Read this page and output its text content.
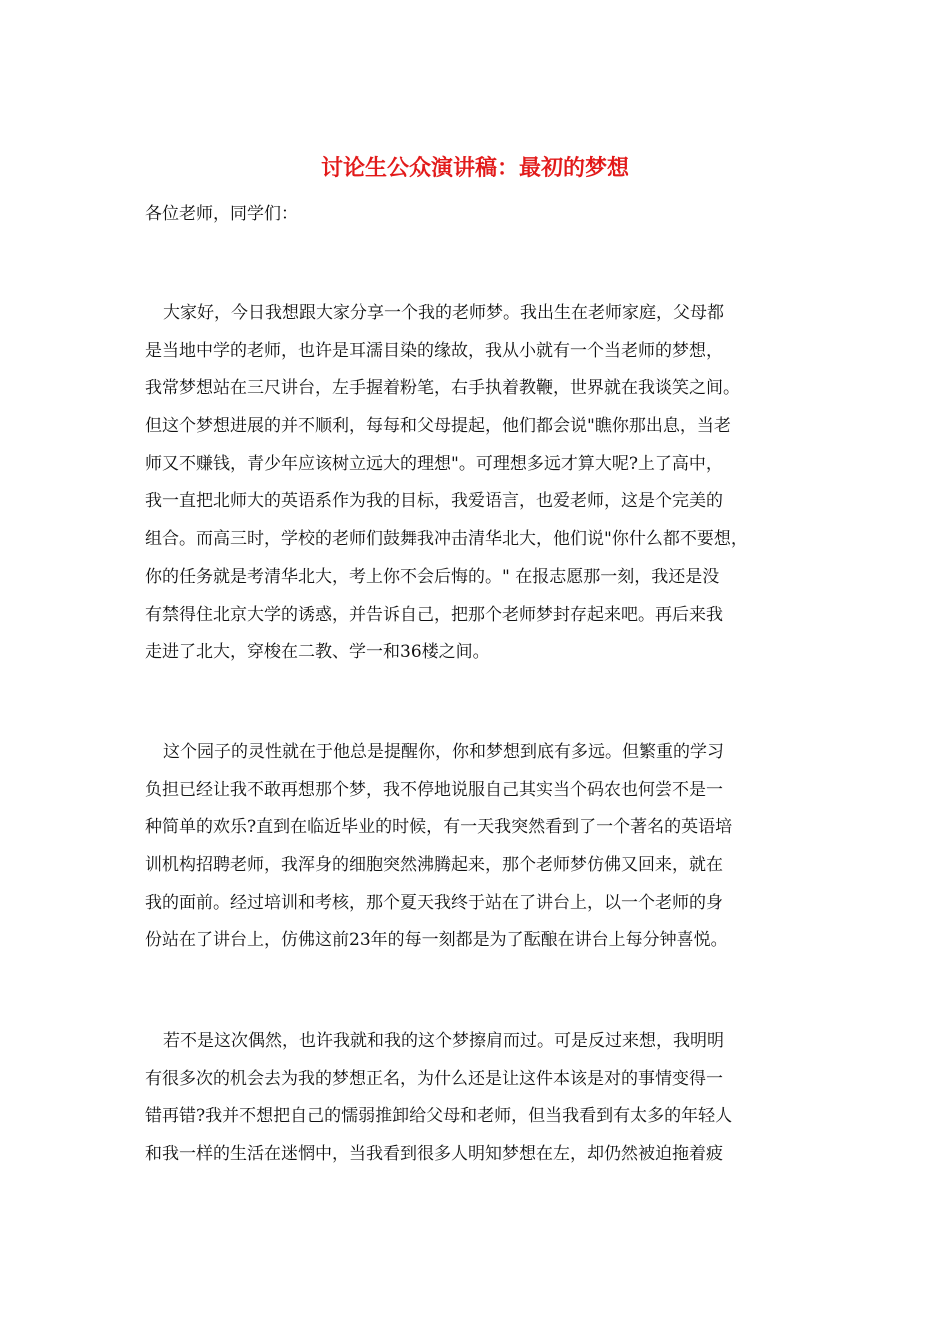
讨论生公众演讲稿：最初的梦想
各位老师，同学们：
大家好，今日我想跟大家分享一个我的老师梦。我出生在老师家庭，父母都
是当地中学的老师，也许是耳濡目染的缘故，我从小就有一个当老师的梦想，
我常梦想站在三尺讲台，左手握着粉笔，右手执着教鞭，世界就在我谈笑之间。
但这个梦想进展的并不顺利，每每和父母提起，他们都会说"瞧你那出息，当老
师又不赚钱，青少年应该树立远大的理想"。可理想多远才算大呢?上了高中，
我一直把北师大的英语系作为我的目标，我爱语言，也爱老师，这是个完美的
组合。而高三时，学校的老师们鼓舞我冲击清华北大，他们说"你什么都不要想，
你的任务就是考清华北大，考上你不会后悔的。" 在报志愿那一刻，我还是没
有禁得住北京大学的诱惑，并告诉自己，把那个老师梦封存起来吧。再后来我
走进了北大，穿梭在二教、学一和36楼之间。
这个园子的灵性就在于他总是提醒你，你和梦想到底有多远。但繁重的学习
负担已经让我不敢再想那个梦，我不停地说服自己其实当个码农也何尝不是一
种简单的欢乐?直到在临近毕业的时候，有一天我突然看到了一个著名的英语培
训机构招聘老师，我浑身的细胞突然沸腾起来，那个老师梦仿佛又回来，就在
我的面前。经过培训和考核，那个夏天我终于站在了讲台上，以一个老师的身
份站在了讲台上，仿佛这前23年的每一刻都是为了酝酿在讲台上每分钟喜悦。
若不是这次偶然，也许我就和我的这个梦擦肩而过。可是反过来想，我明明
有很多次的机会去为我的梦想正名，为什么还是让这件本该是对的事情变得一
错再错?我并不想把自己的懦弱推卸给父母和老师，但当我看到有太多的年轻人
和我一样的生活在迷惘中，当我看到很多人明知梦想在左，却仍然被迫拖着疲
